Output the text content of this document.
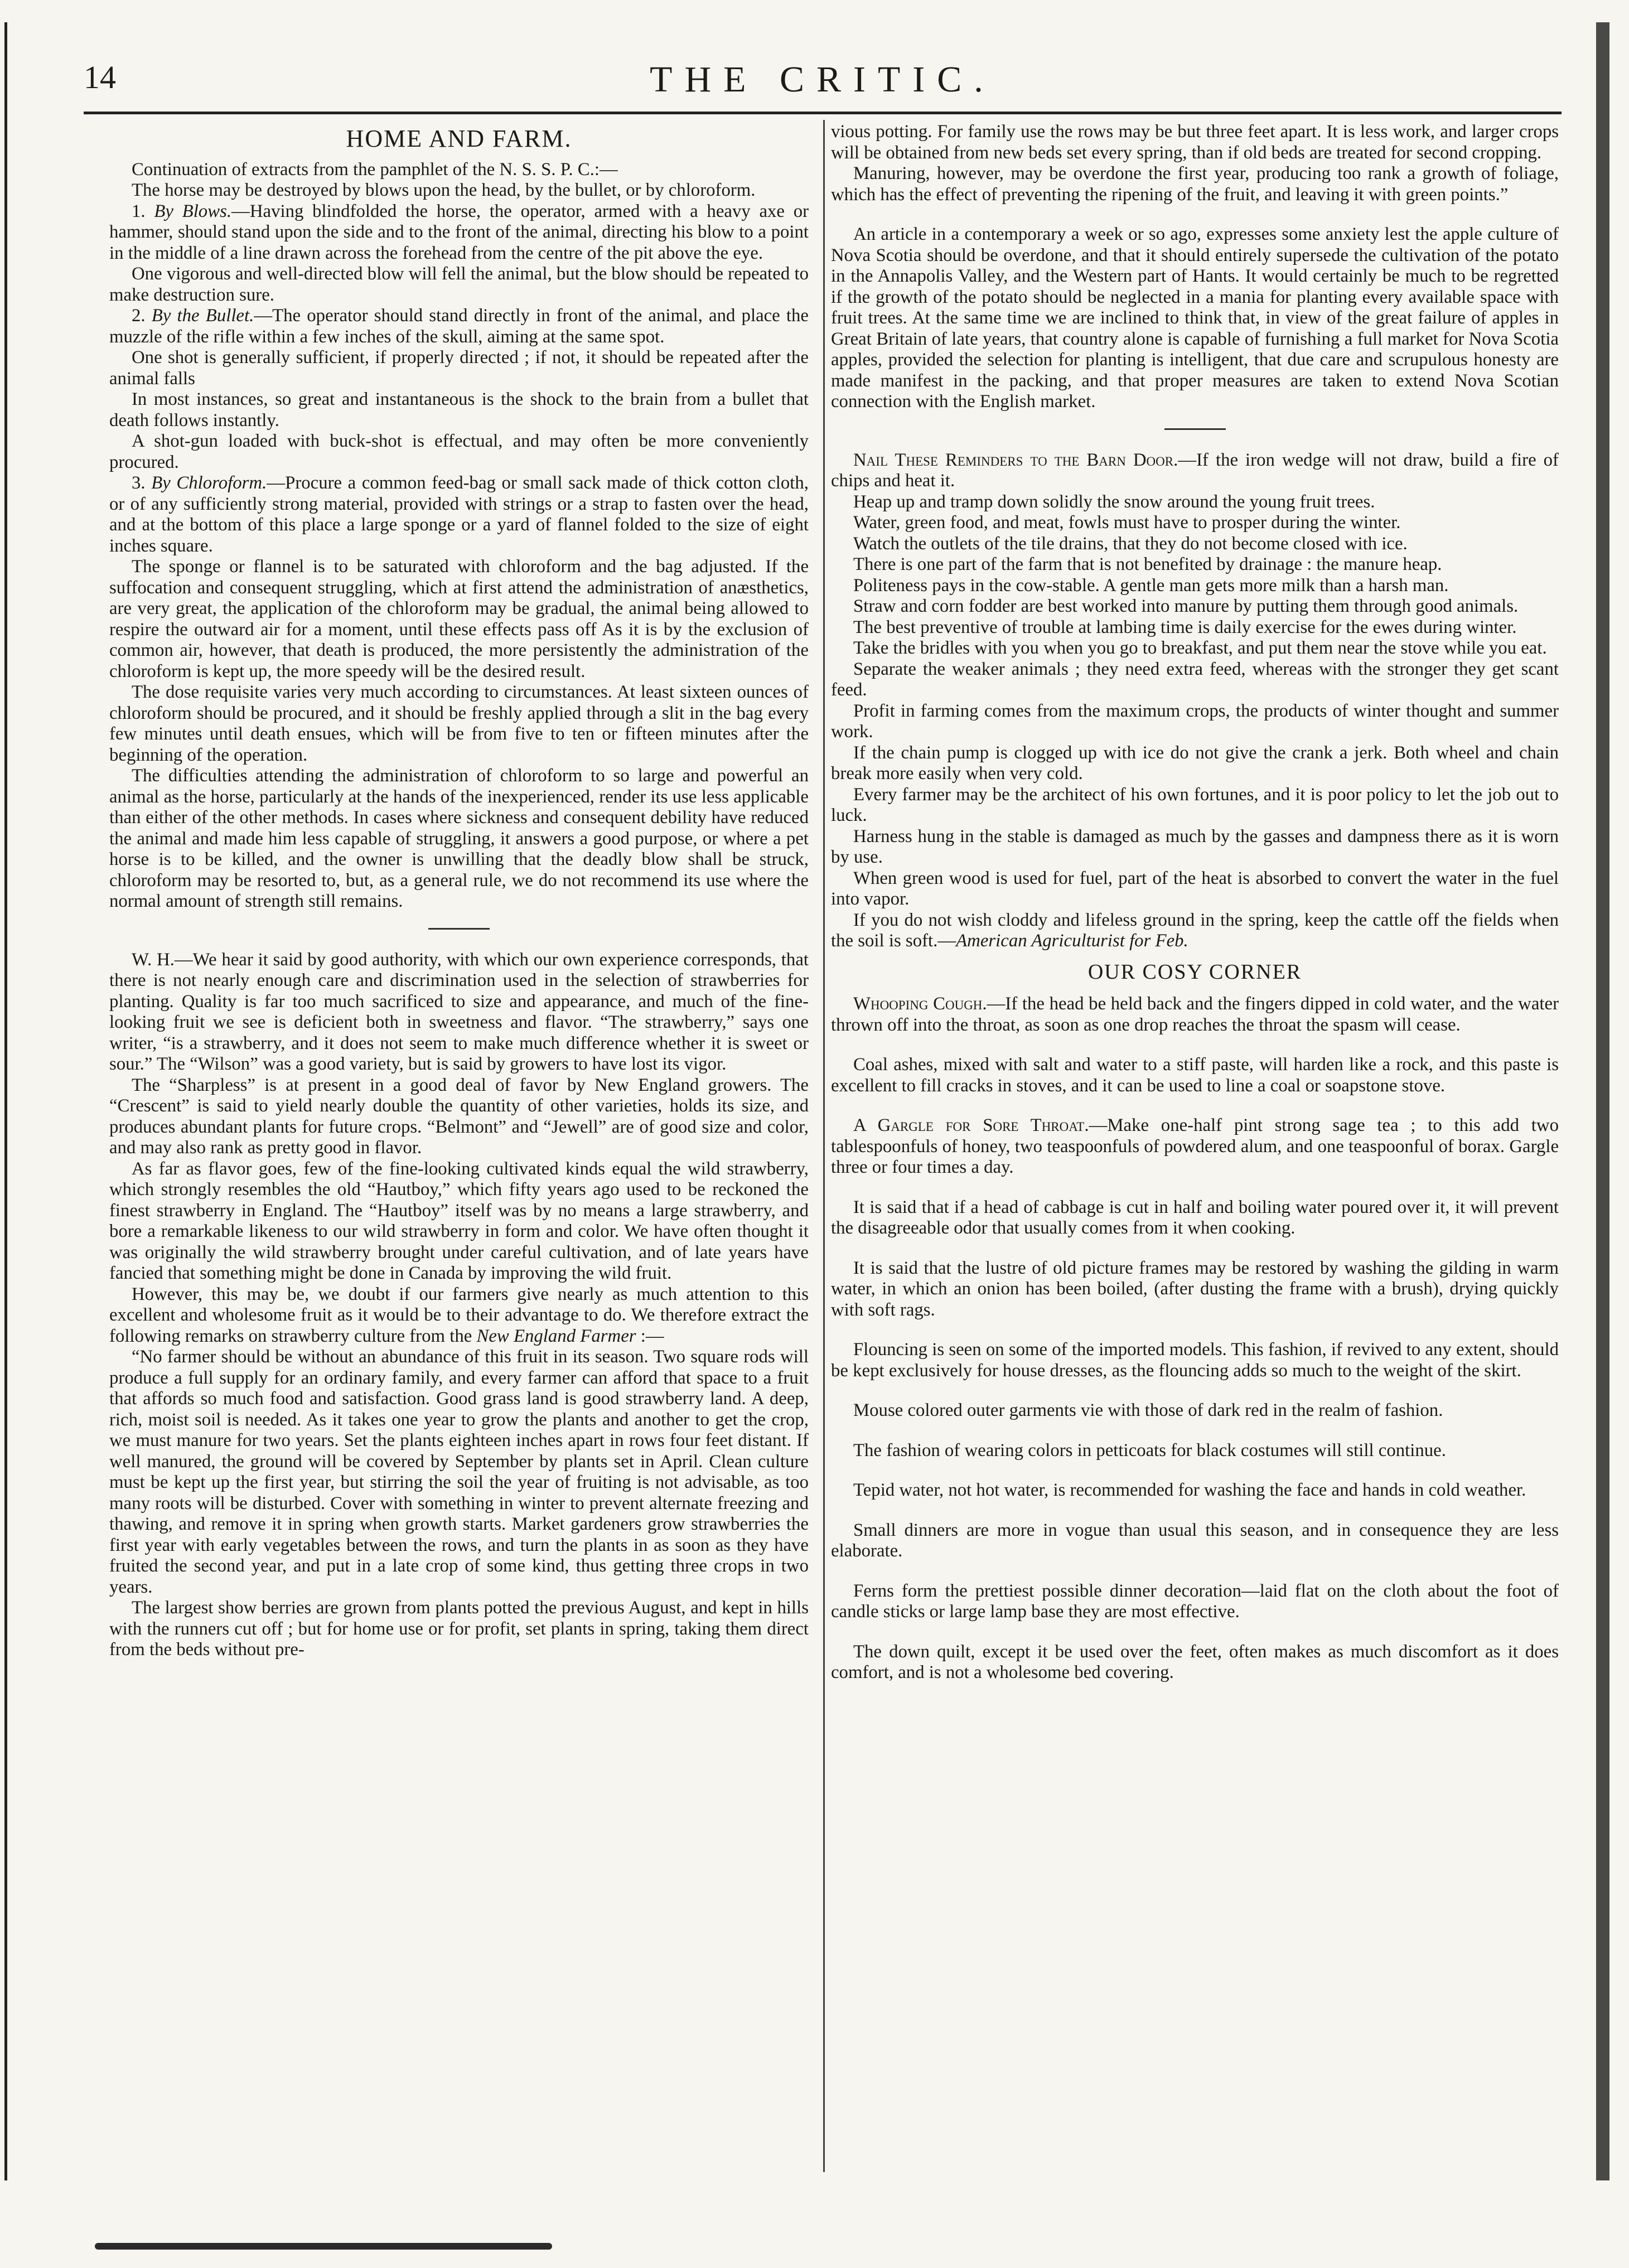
14	THE CRITIC.
HOME AND FARM.

Continuation of extracts from the pamphlet of the N. S. S. P. C.:—

The horse may be destroyed by blows upon the head, by the bullet, or by chloroform.

1. By Blows.—Having blindfolded the horse, the operator, armed with a heavy axe or hammer, should stand upon the side and to the front of the animal, directing his blow to a point in the middle of a line drawn across the forehead from the centre of the pit above the eye.

One vigorous and well-directed blow will fell the animal, but the blow should be repeated to make destruction sure.

2. By the Bullet.—The operator should stand directly in front of the animal, and place the muzzle of the rifle within a few inches of the skull, aiming at the same spot.

One shot is generally sufficient, if properly directed ; if not, it should be repeated after the animal falls

In most instances, so great and instantaneous is the shock to the brain from a bullet that death follows instantly.

A shot-gun loaded with buck-shot is effectual, and may often be more conveniently procured.

3. By Chloroform.—Procure a common feed-bag or small sack made of thick cotton cloth, or of any sufficiently strong material, provided with strings or a strap to fasten over the head, and at the bottom of this place a large sponge or a yard of flannel folded to the size of eight inches square.

The sponge or flannel is to be saturated with chloroform and the bag adjusted. If the suffocation and consequent struggling, which at first attend the administration of anæsthetics, are very great, the application of the chloroform may be gradual, the animal being allowed to respire the outward air for a moment, until these effects pass off As it is by the exclusion of common air, however, that death is produced, the more persistently the administration of the chloroform is kept up, the more speedy will be the desired result.

The dose requisite varies very much according to circumstances. At least sixteen ounces of chloroform should be procured, and it should be freshly applied through a slit in the bag every few minutes until death ensues, which will be from five to ten or fifteen minutes after the beginning of the operation.

The difficulties attending the administration of chloroform to so large and powerful an animal as the horse, particularly at the hands of the inexperienced, render its use less applicable than either of the other methods. In cases where sickness and consequent debility have reduced the animal and made him less capable of struggling, it answers a good purpose, or where a pet horse is to be killed, and the owner is unwilling that the deadly blow shall be struck, chloroform may be resorted to, but, as a general rule, we do not recommend its use where the normal amount of strength still remains.

W. H.—We hear it said by good authority, with which our own experience corresponds, that there is not nearly enough care and discrimination used in the selection of strawberries for planting. Quality is far too much sacrificed to size and appearance, and much of the fine-looking fruit we see is deficient both in sweetness and flavor. “The strawberry,” says one writer, “is a strawberry, and it does not seem to make much difference whether it is sweet or sour.” The “Wilson” was a good variety, but is said by growers to have lost its vigor.

The “Sharpless” is at present in a good deal of favor by New England growers. The “Crescent” is said to yield nearly double the quantity of other varieties, holds its size, and produces abundant plants for future crops. “Belmont” and “Jewell” are of good size and color, and may also rank as pretty good in flavor.

As far as flavor goes, few of the fine-looking cultivated kinds equal the wild strawberry, which strongly resembles the old “Hautboy,” which fifty years ago used to be reckoned the finest strawberry in England. The “Hautboy” itself was by no means a large strawberry, and bore a remarkable likeness to our wild strawberry in form and color. We have often thought it was originally the wild strawberry brought under careful cultivation, and of late years have fancied that something might be done in Canada by improving the wild fruit.

However, this may be, we doubt if our farmers give nearly as much attention to this excellent and wholesome fruit as it would be to their advantage to do. We therefore extract the following remarks on strawberry culture from the New England Farmer :—

“No farmer should be without an abundance of this fruit in its season. Two square rods will produce a full supply for an ordinary family, and every farmer can afford that space to a fruit that affords so much food and satisfaction. Good grass land is good strawberry land. A deep, rich, moist soil is needed. As it takes one year to grow the plants and another to get the crop, we must manure for two years. Set the plants eighteen inches apart in rows four feet distant. If well manured, the ground will be covered by September by plants set in April. Clean culture must be kept up the first year, but stirring the soil the year of fruiting is not advisable, as too many roots will be disturbed. Cover with something in winter to prevent alternate freezing and thawing, and remove it in spring when growth starts. Market gardeners grow strawberries the first year with early vegetables between the rows, and turn the plants in as soon as they have fruited the second year, and put in a late crop of some kind, thus getting three crops in two years.

The largest show berries are grown from plants potted the previous August, and kept in hills with the runners cut off ; but for home use or for profit, set plants in spring, taking them direct from the beds without pre-

vious potting. For family use the rows may be but three feet apart. It is less work, and larger crops will be obtained from new beds set every spring, than if old beds are treated for second cropping.

Manuring, however, may be overdone the first year, producing too rank a growth of foliage, which has the effect of preventing the ripening of the fruit, and leaving it with green points.”

An article in a contemporary a week or so ago, expresses some anxiety lest the apple culture of Nova Scotia should be overdone, and that it should entirely supersede the cultivation of the potato in the Annapolis Valley, and the Western part of Hants. It would certainly be much to be regretted if the growth of the potato should be neglected in a mania for planting every available space with fruit trees. At the same time we are inclined to think that, in view of the great failure of apples in Great Britain of late years, that country alone is capable of furnishing a full market for Nova Scotia apples, provided the selection for planting is intelligent, that due care and scrupulous honesty are made manifest in the packing, and that proper measures are taken to extend Nova Scotian connection with the English market.

Nail These Reminders to the Barn Door.—If the iron wedge will not draw, build a fire of chips and heat it.

Heap up and tramp down solidly the snow around the young fruit trees.

Water, green food, and meat, fowls must have to prosper during the winter.

Watch the outlets of the tile drains, that they do not become closed with ice.

There is one part of the farm that is not benefited by drainage : the manure heap.

Politeness pays in the cow-stable. A gentle man gets more milk than a harsh man.

Straw and corn fodder are best worked into manure by putting them through good animals.

The best preventive of trouble at lambing time is daily exercise for the ewes during winter.

Take the bridles with you when you go to breakfast, and put them near the stove while you eat.

Separate the weaker animals ; they need extra feed, whereas with the stronger they get scant feed.

Profit in farming comes from the maximum crops, the products of winter thought and summer work.

If the chain pump is clogged up with ice do not give the crank a jerk. Both wheel and chain break more easily when very cold.

Every farmer may be the architect of his own fortunes, and it is poor policy to let the job out to luck.

Harness hung in the stable is damaged as much by the gasses and dampness there as it is worn by use.

When green wood is used for fuel, part of the heat is absorbed to convert the water in the fuel into vapor.

If you do not wish cloddy and lifeless ground in the spring, keep the cattle off the fields when the soil is soft.—American Agriculturist for Feb.

OUR COSY CORNER

Whooping Cough.—If the head be held back and the fingers dipped in cold water, and the water thrown off into the throat, as soon as one drop reaches the throat the spasm will cease.

Coal ashes, mixed with salt and water to a stiff paste, will harden like a rock, and this paste is excellent to fill cracks in stoves, and it can be used to line a coal or soapstone stove.

A Gargle for Sore Throat.—Make one-half pint strong sage tea ; to this add two tablespoonfuls of honey, two teaspoonfuls of powdered alum, and one teaspoonful of borax. Gargle three or four times a day.

It is said that if a head of cabbage is cut in half and boiling water poured over it, it will prevent the disagreeable odor that usually comes from it when cooking.

It is said that the lustre of old picture frames may be restored by washing the gilding in warm water, in which an onion has been boiled, (after dusting the frame with a brush), drying quickly with soft rags.

Flouncing is seen on some of the imported models. This fashion, if revived to any extent, should be kept exclusively for house dresses, as the flouncing adds so much to the weight of the skirt.

Mouse colored outer garments vie with those of dark red in the realm of fashion.

The fashion of wearing colors in petticoats for black costumes will still continue.

Tepid water, not hot water, is recommended for washing the face and hands in cold weather.

Small dinners are more in vogue than usual this season, and in consequence they are less elaborate.

Ferns form the prettiest possible dinner decoration—laid flat on the cloth about the foot of candle sticks or large lamp base they are most effective.

The down quilt, except it be used over the feet, often makes as much discomfort as it does comfort, and is not a wholesome bed covering.
